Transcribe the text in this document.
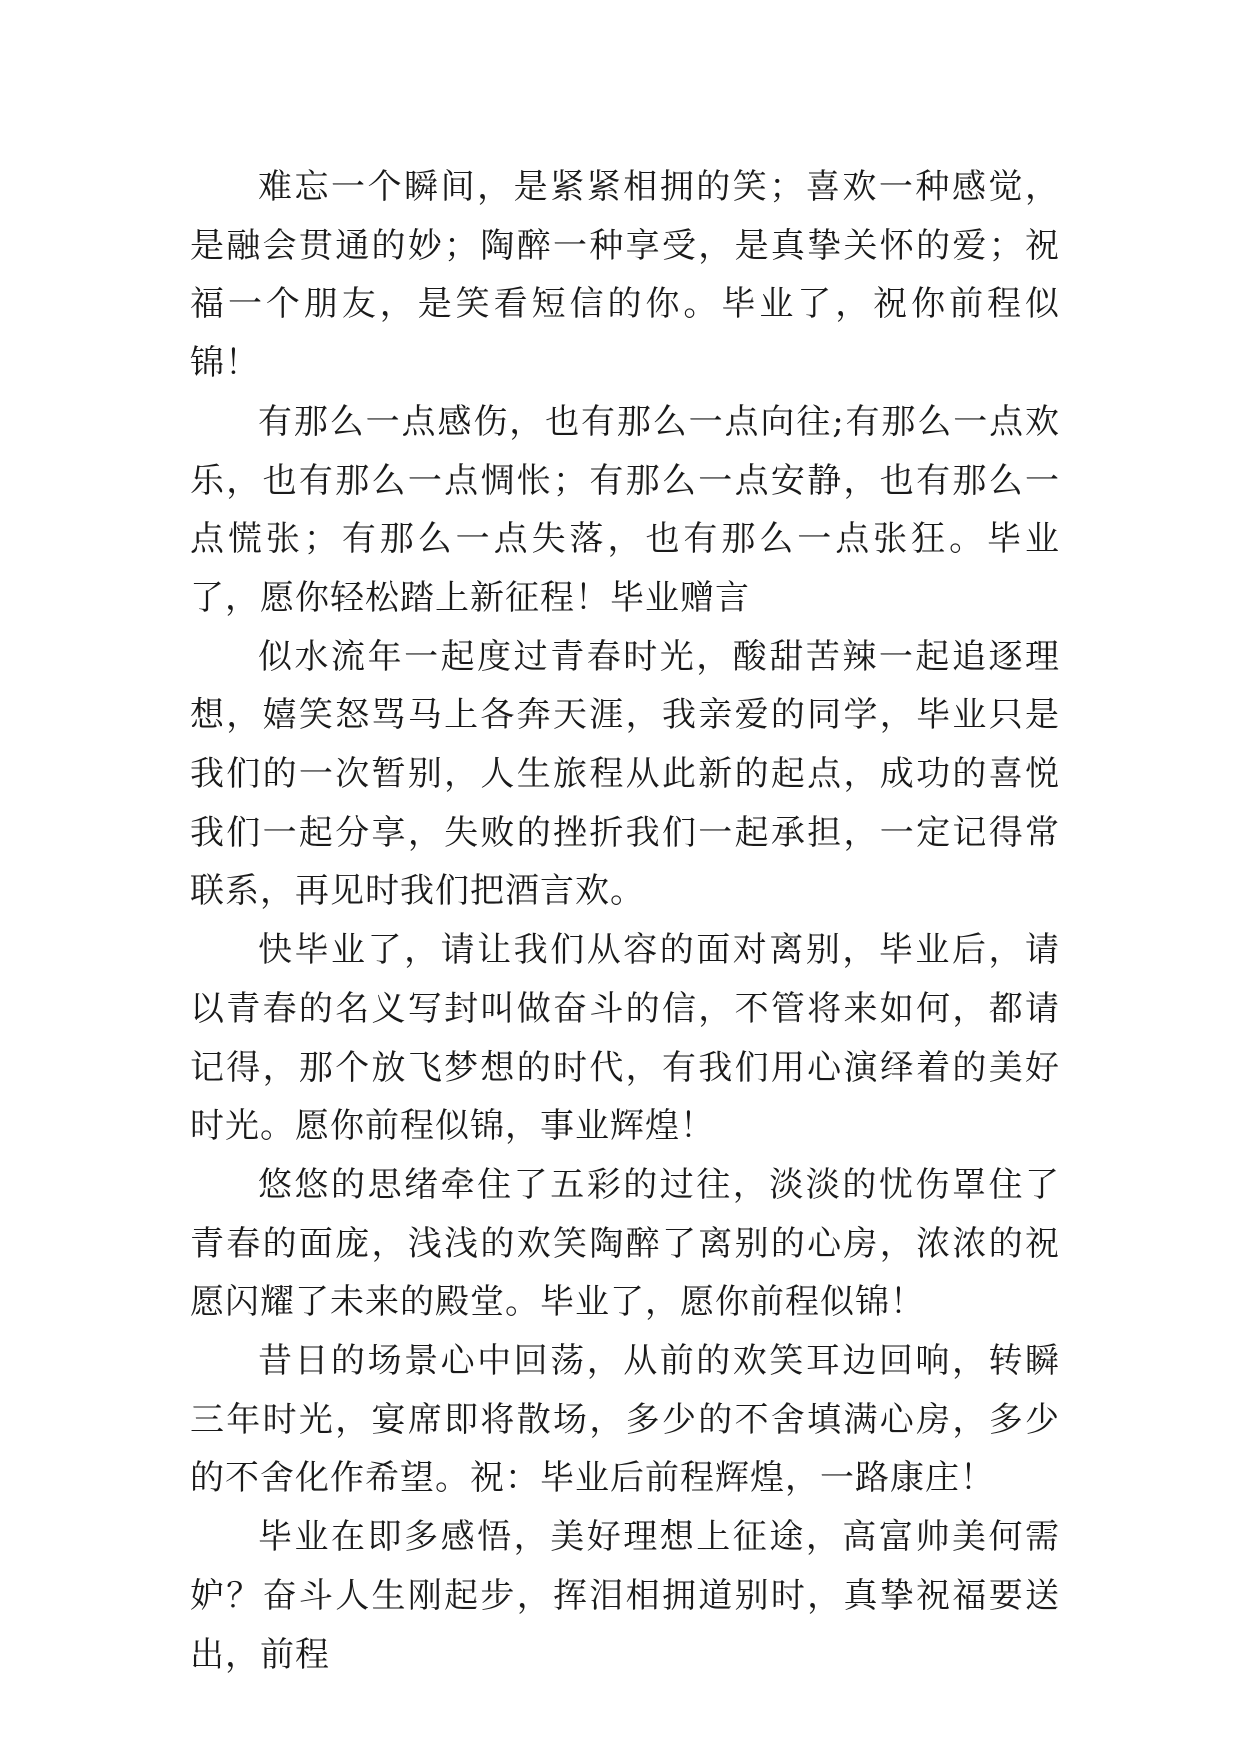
难忘一个瞬间，是紧紧相拥的笑；喜欢一种感觉，是融会贯通的妙；陶醉一种享受，是真挚关怀的爱；祝福一个朋友，是笑看短信的你。毕业了，祝你前程似锦！

有那么一点感伤，也有那么一点向往;有那么一点欢乐，也有那么一点惆怅；有那么一点安静，也有那么一点慌张；有那么一点失落，也有那么一点张狂。毕业了，愿你轻松踏上新征程！毕业赠言

似水流年一起度过青春时光，酸甜苦辣一起追逐理想，嬉笑怒骂马上各奔天涯，我亲爱的同学，毕业只是我们的一次暂别，人生旅程从此新的起点，成功的喜悦我们一起分享，失败的挫折我们一起承担，一定记得常联系，再见时我们把酒言欢。

快毕业了，请让我们从容的面对离别，毕业后，请以青春的名义写封叫做奋斗的信，不管将来如何，都请记得，那个放飞梦想的时代，有我们用心演绎着的美好时光。愿你前程似锦，事业辉煌！

悠悠的思绪牵住了五彩的过往，淡淡的忧伤罩住了青春的面庞，浅浅的欢笑陶醉了离别的心房，浓浓的祝愿闪耀了未来的殿堂。毕业了，愿你前程似锦！

昔日的场景心中回荡，从前的欢笑耳边回响，转瞬三年时光，宴席即将散场，多少的不舍填满心房，多少的不舍化作希望。祝：毕业后前程辉煌，一路康庄！

毕业在即多感悟，美好理想上征途，高富帅美何需妒？奋斗人生刚起步，挥泪相拥道别时，真挚祝福要送出，前程
